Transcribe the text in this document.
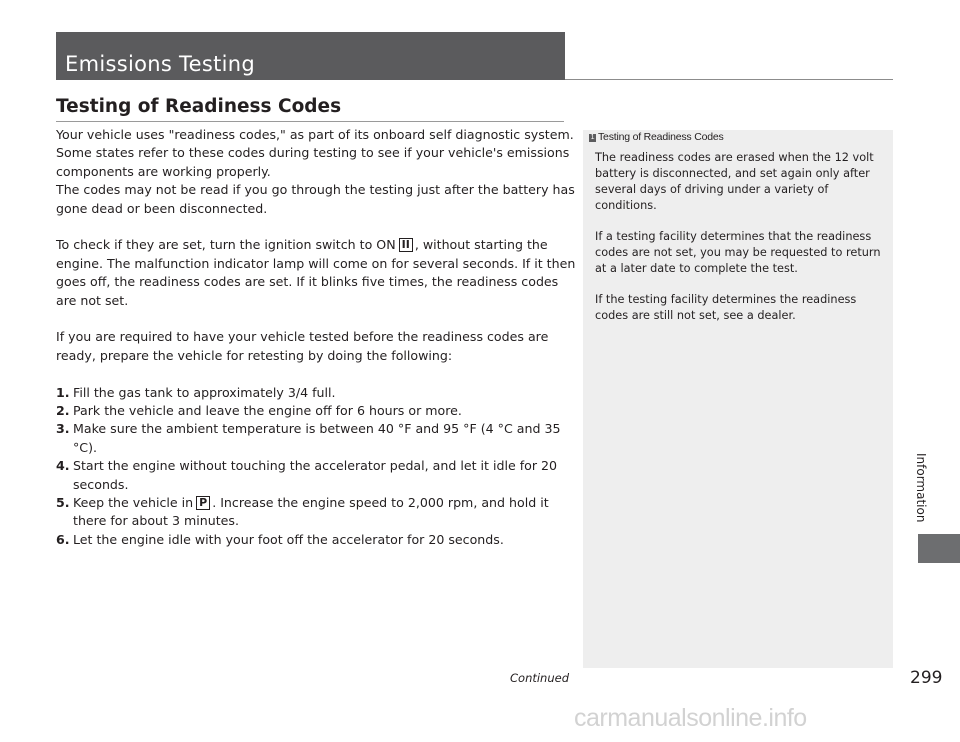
Emissions Testing
Testing of Readiness Codes

Your vehicle uses "readiness codes," as part of its onboard self diagnostic system. Some states refer to these codes during testing to see if your vehicle's emissions components are working properly.

The codes may not be read if you go through the testing just after the battery has gone dead or been disconnected.

To check if they are set, turn the ignition switch to ON II , without starting the engine. The malfunction indicator lamp will come on for several seconds. If it then goes off, the readiness codes are set. If it blinks five times, the readiness codes are not set.

If you are required to have your vehicle tested before the readiness codes are ready, prepare the vehicle for retesting by doing the following:

1. Fill the gas tank to approximately 3/4 full.
2. Park the vehicle and leave the engine off for 6 hours or more.
3. Make sure the ambient temperature is between 40 °F and 95 °F (4 °C and 35 °C).
4. Start the engine without touching the accelerator pedal, and let it idle for 20 seconds.
5. Keep the vehicle in P . Increase the engine speed to 2,000 rpm, and hold it there for about 3 minutes.
6. Let the engine idle with your foot off the accelerator for 20 seconds.
1 Testing of Readiness Codes

The readiness codes are erased when the 12 volt battery is disconnected, and set again only after several days of driving under a variety of conditions.

If a testing facility determines that the readiness codes are not set, you may be requested to return at a later date to complete the test.

If the testing facility determines the readiness codes are still not set, see a dealer.

Information
Continued	299
carmanualsonline.info
